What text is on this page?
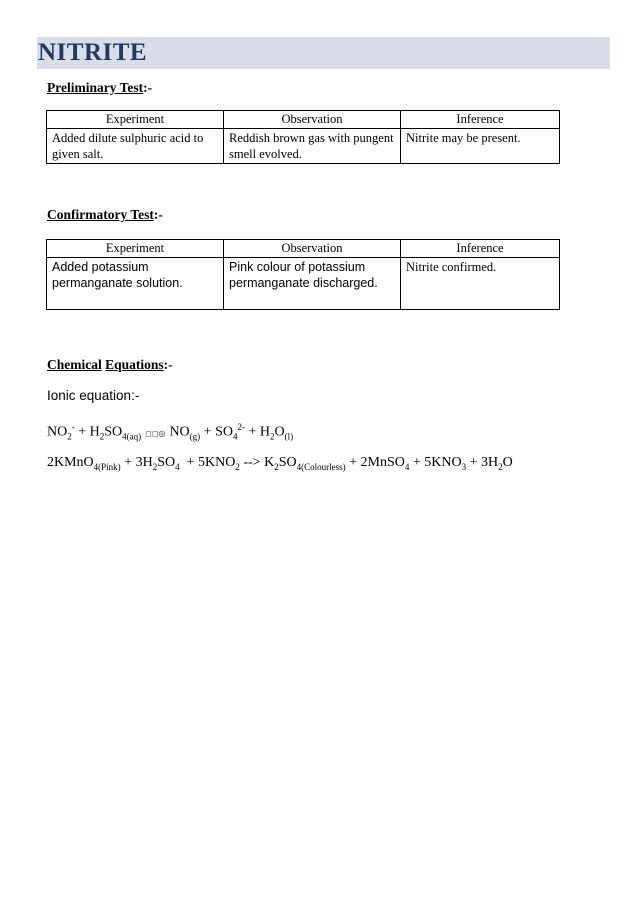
NITRITE
Preliminary Test:-
Experiment	Observation	Inference
Added dilute sulphuric acid to given salt.	Reddish brown gas with pungent smell evolved.	Nitrite may be present.
Confirmatory Test:-
Experiment	Observation	Inference
Added potassium permanganate solution.	Pink colour of potassium permanganate discharged.	Nitrite confirmed.
Chemical Equations:-
Ionic equation:-
$NO_2^- + H_2SO_{4(aq)}$ ◻◻◎ $NO_{(g)} + SO_4^{2-} + H_2O_{(l)}$
2KMnO$_{4(Pink)}$ + $3H_2SO_4 + 5KNO_2$ --> $K_2SO_{4(Colourless)}$ + 2MnSO$_4$ + $5KNO_3 + 3H_2O$
